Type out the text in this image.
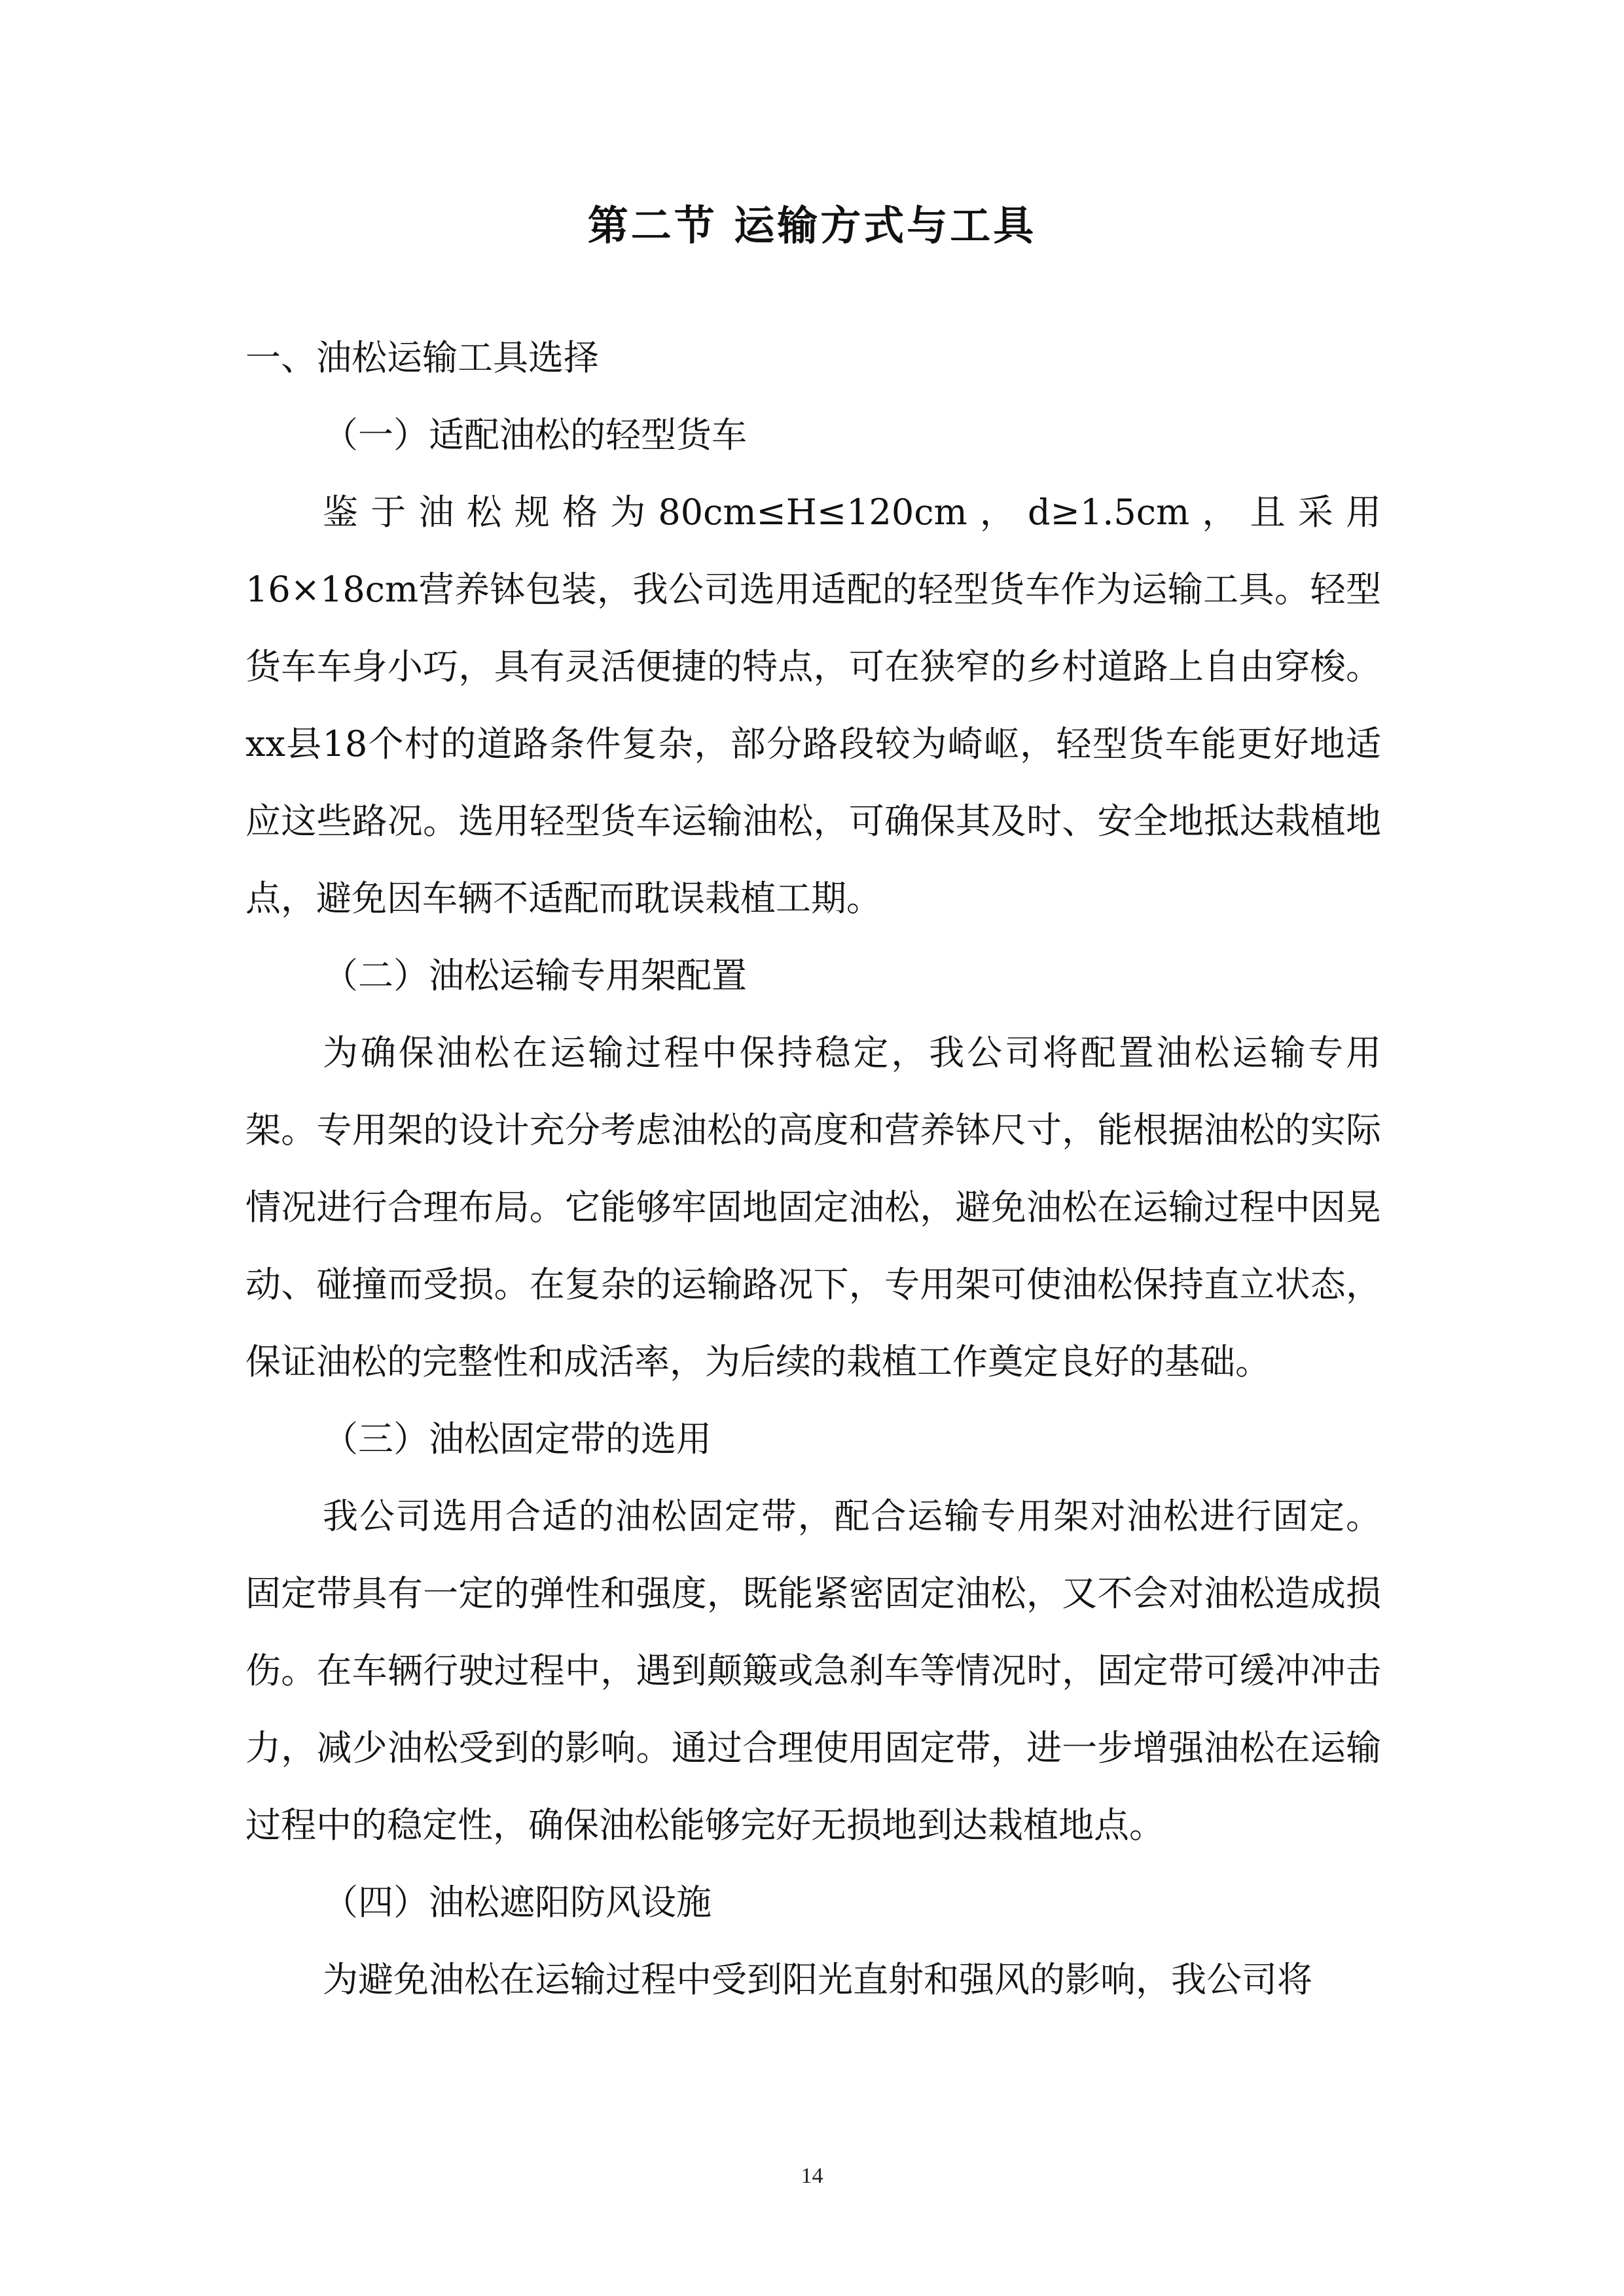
第二节 运输方式与工具

一、油松运输工具选择

（一）适配油松的轻型货车

鉴于油松规格为80cm≤H≤120cm，d≥1.5cm，且采用16×18cm营养钵包装，我公司选用适配的轻型货车作为运输工具。轻型货车车身小巧，具有灵活便捷的特点，可在狭窄的乡村道路上自由穿梭。xx县18个村的道路条件复杂，部分路段较为崎岖，轻型货车能更好地适应这些路况。选用轻型货车运输油松，可确保其及时、安全地抵达栽植地点，避免因车辆不适配而耽误栽植工期。

（二）油松运输专用架配置

为确保油松在运输过程中保持稳定，我公司将配置油松运输专用架。专用架的设计充分考虑油松的高度和营养钵尺寸，能根据油松的实际情况进行合理布局。它能够牢固地固定油松，避免油松在运输过程中因晃动、碰撞而受损。在复杂的运输路况下，专用架可使油松保持直立状态，保证油松的完整性和成活率，为后续的栽植工作奠定良好的基础。

（三）油松固定带的选用

我公司选用合适的油松固定带，配合运输专用架对油松进行固定。固定带具有一定的弹性和强度，既能紧密固定油松，又不会对油松造成损伤。在车辆行驶过程中，遇到颠簸或急刹车等情况时，固定带可缓冲冲击力，减少油松受到的影响。通过合理使用固定带，进一步增强油松在运输过程中的稳定性，确保油松能够完好无损地到达栽植地点。

（四）油松遮阳防风设施

为避免油松在运输过程中受到阳光直射和强风的影响，我公司将

14
